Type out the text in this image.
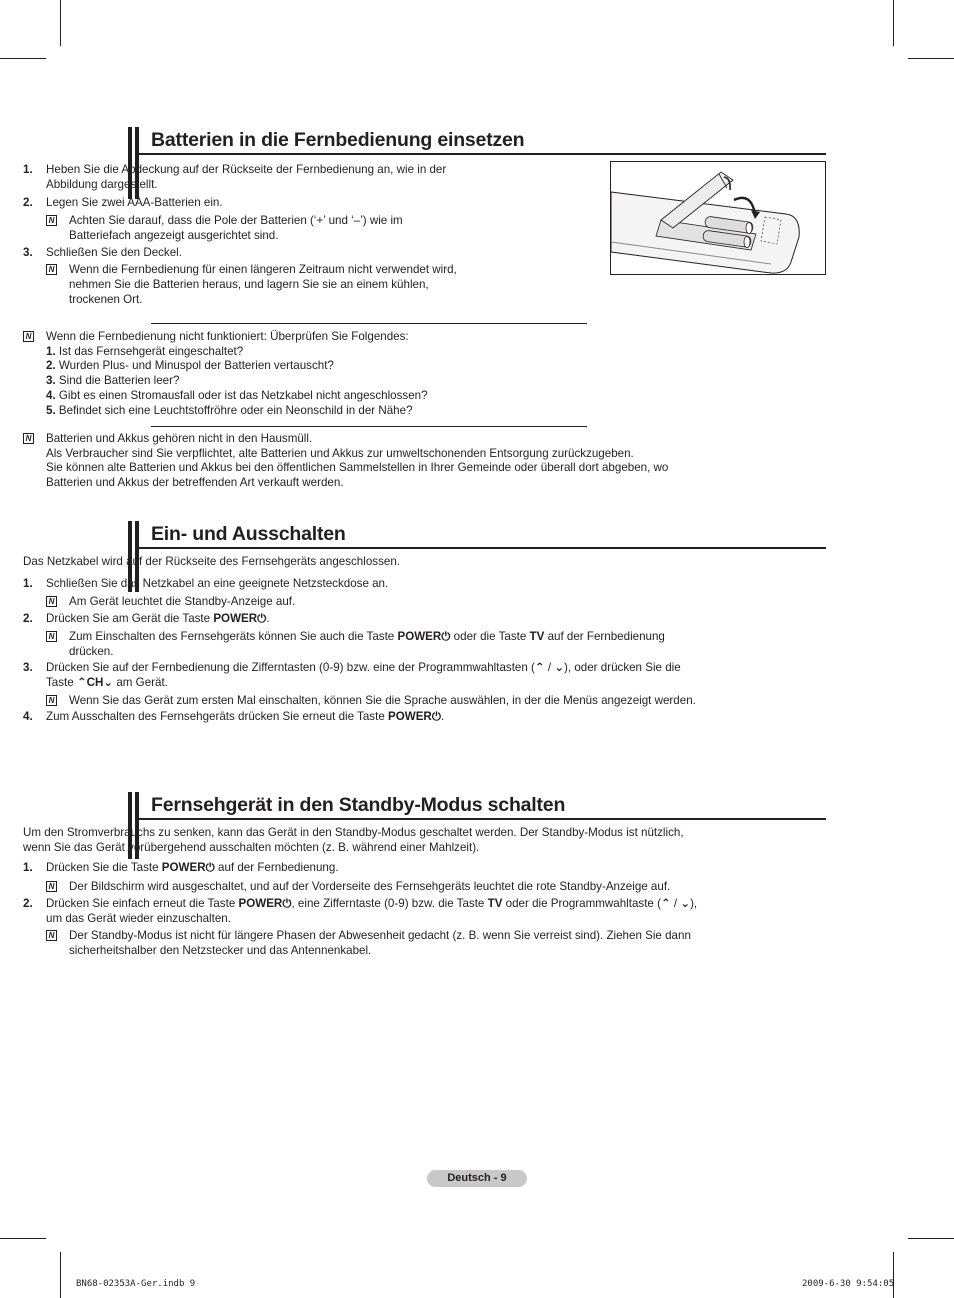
Batterien in die Fernbedienung einsetzen
1.	Heben Sie die Abdeckung auf der Rückseite der Fernbedienung an, wie in der Abbildung dargestellt.
2.	Legen Sie zwei AAA-Batterien ein.
N Achten Sie darauf, dass die Pole der Batterien (‘+’ und ‘–’) wie im Batteriefach angezeigt ausgerichtet sind.
3.	Schließen Sie den Deckel.
N Wenn die Fernbedienung für einen längeren Zeitraum nicht verwendet wird, nehmen Sie die Batterien heraus, und lagern Sie sie an einem kühlen, trockenen Ort.
N Wenn die Fernbedienung nicht funktioniert: Überprüfen Sie Folgendes:
1. Ist das Fernsehgerät eingeschaltet?
2. Wurden Plus- und Minuspol der Batterien vertauscht?
3. Sind die Batterien leer?
4. Gibt es einen Stromausfall oder ist das Netzkabel nicht angeschlossen?
5. Befindet sich eine Leuchtstoffröhre oder ein Neonschild in der Nähe?
N Batterien und Akkus gehören nicht in den Hausmüll.
Als Verbraucher sind Sie verpflichtet, alte Batterien und Akkus zur umweltschonenden Entsorgung zurückzugeben.
Sie können alte Batterien und Akkus bei den öffentlichen Sammelstellen in Ihrer Gemeinde oder überall dort abgeben, wo Batterien und Akkus der betreffenden Art verkauft werden.
Ein- und Ausschalten
Das Netzkabel wird auf der Rückseite des Fernsehgeräts angeschlossen.
1.	Schließen Sie das Netzkabel an eine geeignete Netzsteckdose an.
N Am Gerät leuchtet die Standby-Anzeige auf.
2.	Drücken Sie am Gerät die Taste POWER⏻.
N Zum Einschalten des Fernsehgeräts können Sie auch die Taste POWER⏻ oder die Taste TV auf der Fernbedienung drücken.
3.	Drücken Sie auf der Fernbedienung die Zifferntasten (0-9) bzw. eine der Programmwahltasten (⌃ / ⌄), oder drücken Sie die Taste ⌃CH⌄ am Gerät.
N Wenn Sie das Gerät zum ersten Mal einschalten, können Sie die Sprache auswählen, in der die Menüs angezeigt werden.
4.	Zum Ausschalten des Fernsehgeräts drücken Sie erneut die Taste POWER⏻.
Fernsehgerät in den Standby-Modus schalten
Um den Stromverbrauchs zu senken, kann das Gerät in den Standby-Modus geschaltet werden. Der Standby-Modus ist nützlich, wenn Sie das Gerät vorübergehend ausschalten möchten (z. B. während einer Mahlzeit).
1.	Drücken Sie die Taste POWER⏻ auf der Fernbedienung.
N Der Bildschirm wird ausgeschaltet, und auf der Vorderseite des Fernsehgeräts leuchtet die rote Standby-Anzeige auf.
2.	Drücken Sie einfach erneut die Taste POWER⏻, eine Zifferntaste (0-9) bzw. die Taste TV oder die Programmwahltaste (⌃ / ⌄), um das Gerät wieder einzuschalten.
N Der Standby-Modus ist nicht für längere Phasen der Abwesenheit gedacht (z. B. wenn Sie verreist sind). Ziehen Sie dann sicherheitshalber den Netzstecker und das Antennenkabel.
Deutsch - 9
BN68-02353A-Ger.indb 9	2009-6-30 9:54:05
